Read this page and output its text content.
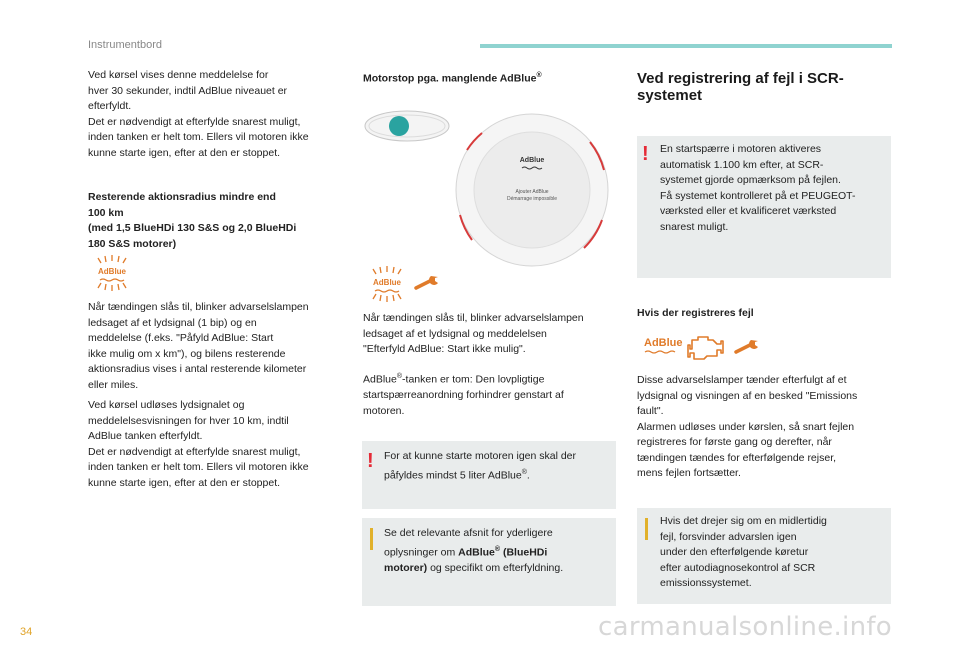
Instrumentbord

Ved kørsel vises denne meddelelse for
hver 30 sekunder, indtil AdBlue niveauet er
efterfyldt.
Det er nødvendigt at efterfylde snarest muligt,
inden tanken er helt tom. Ellers vil motoren ikke
kunne starte igen, efter at den er stoppet.

Resterende aktionsradius mindre end
100 km
(med 1,5 BlueHDi 130 S&S og 2,0 BlueHDi
180 S&S motorer)

AdBlue

Når tændingen slås til, blinker advarselslampen
ledsaget af et lydsignal (1 bip) og en
meddelelse (f.eks. "Påfyld AdBlue: Start
ikke mulig om x km"), og bilens resterende
aktionsradius vises i antal resterende kilometer
eller miles.

Ved kørsel udløses lydsignalet og
meddelelsesvisningen for hver 10 km, indtil
AdBlue tanken efterfyldt.
Det er nødvendigt at efterfylde snarest muligt,
inden tanken er helt tom. Ellers vil motoren ikke
kunne starte igen, efter at den er stoppet.

Motorstop pga. manglende AdBlue®
AdBlue
Ajouter AdBlue
Démarrage impossible
AdBlue

Når tændingen slås til, blinker advarselslampen
ledsaget af et lydsignal og meddelelsen
"Efterfyld AdBlue: Start ikke mulig".

AdBlue®-tanken er tom: Den lovpligtige
startspærreanordning forhindrer genstart af
motoren.

! For at kunne starte motoren igen skal der
påfyldes mindst 5 liter AdBlue®.

Se det relevante afsnit for yderligere
oplysninger om AdBlue® (BlueHDi
motorer) og specifikt om efterfyldning.

Ved registrering af fejl i SCR-
systemet
! En startspærre i motoren aktiveres
automatisk 1.100 km efter, at SCR-
systemet gjorde opmærksom på fejlen.
Få systemet kontrolleret på et PEUGEOT-
værksted eller et kvalificeret værksted
snarest muligt.

Hvis der registreres fejl

AdBlue

Disse advarselslamper tænder efterfulgt af et
lydsignal og visningen af en besked "Emissions
fault".
Alarmen udløses under kørslen, så snart fejlen
registreres for første gang og derefter, når
tændingen tændes for efterfølgende rejser,
mens fejlen fortsætter.

Hvis det drejer sig om en midlertidig
fejl, forsvinder advarslen igen
under den efterfølgende køretur
efter autodiagnosekontrol af SCR
emissionssystemet.

34	carmanualsonline.info
